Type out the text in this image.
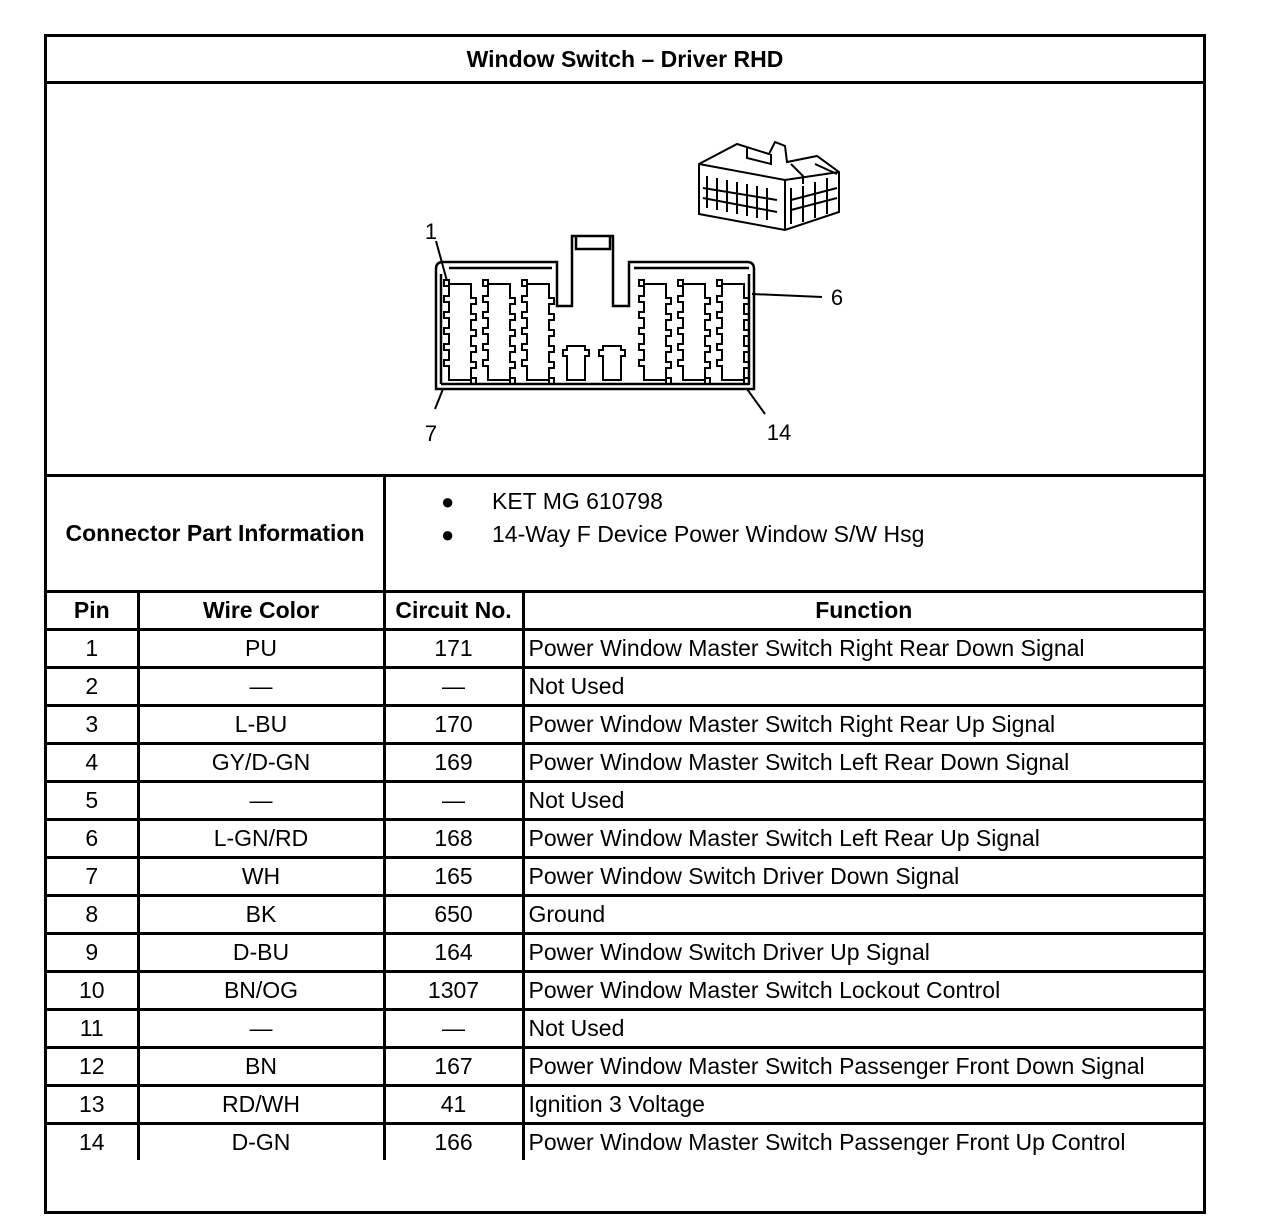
Window Switch – Driver RHD
1
6
7	14
Connector Part Information
● KET MG 610798
● 14-Way F Device Power Window S/W Hsg
Pin	Wire Color	Circuit No.	Function
1	PU	171	Power Window Master Switch Right Rear Down Signal
2	—	—	Not Used
3	L-BU	170	Power Window Master Switch Right Rear Up Signal
4	GY/D-GN	169	Power Window Master Switch Left Rear Down Signal
5	—	—	Not Used
6	L-GN/RD	168	Power Window Master Switch Left Rear Up Signal
7	WH	165	Power Window Switch Driver Down Signal
8	BK	650	Ground
9	D-BU	164	Power Window Switch Driver Up Signal
10	BN/OG	1307	Power Window Master Switch Lockout Control
11	—	—	Not Used
12	BN	167	Power Window Master Switch Passenger Front Down Signal
13	RD/WH	41	Ignition 3 Voltage
14	D-GN	166	Power Window Master Switch Passenger Front Up Control
